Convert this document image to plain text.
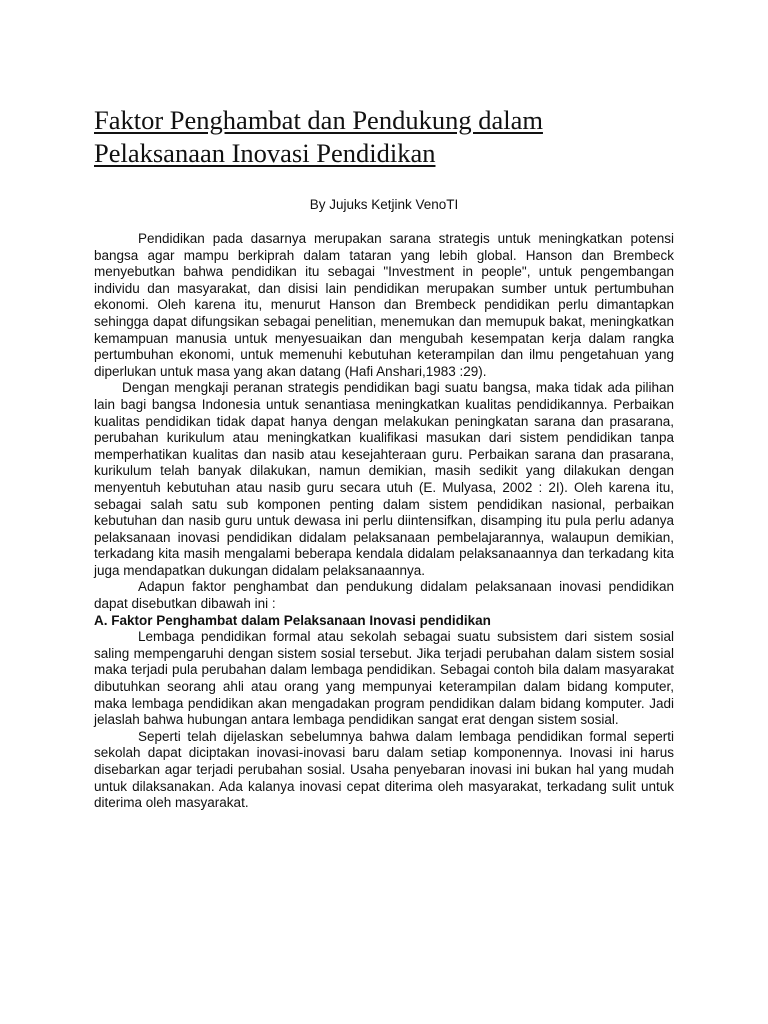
Faktor Penghambat dan Pendukung dalam
Pelaksanaan Inovasi Pendidikan
By Jujuks Ketjink VenoTI

Pendidikan pada dasarnya merupakan sarana strategis untuk meningkatkan potensi bangsa agar mampu berkiprah dalam tataran yang lebih global. Hanson dan Brembeck menyebutkan bahwa pendidikan itu sebagai "Investment in people", untuk pengembangan individu dan masyarakat, dan disisi lain pendidikan merupakan sumber untuk pertumbuhan ekonomi. Oleh karena itu, menurut Hanson dan Brembeck pendidikan perlu dimantapkan sehingga dapat difungsikan sebagai penelitian, menemukan dan memupuk bakat, meningkatkan kemampuan manusia untuk menyesuaikan dan mengubah kesempatan kerja dalam rangka pertumbuhan ekonomi, untuk memenuhi kebutuhan keterampilan dan ilmu pengetahuan yang diperlukan untuk masa yang akan datang (Hafi Anshari,1983 :29).

Dengan mengkaji peranan strategis pendidikan bagi suatu bangsa, maka tidak ada pilihan lain bagi bangsa Indonesia untuk senantiasa meningkatkan kualitas pendidikannya. Perbaikan kualitas pendidikan tidak dapat hanya dengan melakukan peningkatan sarana dan prasarana, perubahan kurikulum atau meningkatkan kualifikasi masukan dari sistem pendidikan tanpa memperhatikan kualitas dan nasib atau kesejahteraan guru. Perbaikan sarana dan prasarana, kurikulum telah banyak dilakukan, namun demikian, masih sedikit yang dilakukan dengan menyentuh kebutuhan atau nasib guru secara utuh (E. Mulyasa, 2002 : 2I). Oleh karena itu, sebagai salah satu sub komponen penting dalam sistem pendidikan nasional, perbaikan kebutuhan dan nasib guru untuk dewasa ini perlu diintensifkan, disamping itu pula perlu adanya pelaksanaan inovasi pendidikan didalam pelaksanaan pembelajarannya, walaupun demikian, terkadang kita masih mengalami beberapa kendala didalam pelaksanaannya dan terkadang kita juga mendapatkan dukungan didalam pelaksanaannya.

Adapun faktor penghambat dan pendukung didalam pelaksanaan inovasi pendidikan dapat disebutkan dibawah ini :

A. Faktor Penghambat dalam Pelaksanaan Inovasi pendidikan

Lembaga pendidikan formal atau sekolah sebagai suatu subsistem dari sistem sosial saling mempengaruhi dengan sistem sosial tersebut. Jika terjadi perubahan dalam sistem sosial maka terjadi pula perubahan dalam lembaga pendidikan. Sebagai contoh bila dalam masyarakat dibutuhkan seorang ahli atau orang yang mempunyai keterampilan dalam bidang komputer, maka lembaga pendidikan akan mengadakan program pendidikan dalam bidang komputer. Jadi jelaslah bahwa hubungan antara lembaga pendidikan sangat erat dengan sistem sosial.

Seperti telah dijelaskan sebelumnya bahwa dalam lembaga pendidikan formal seperti sekolah dapat diciptakan inovasi-inovasi baru dalam setiap komponennya. Inovasi ini harus disebarkan agar terjadi perubahan sosial. Usaha penyebaran inovasi ini bukan hal yang mudah untuk dilaksanakan. Ada kalanya inovasi cepat diterima oleh masyarakat, terkadang sulit untuk diterima oleh masyarakat.
